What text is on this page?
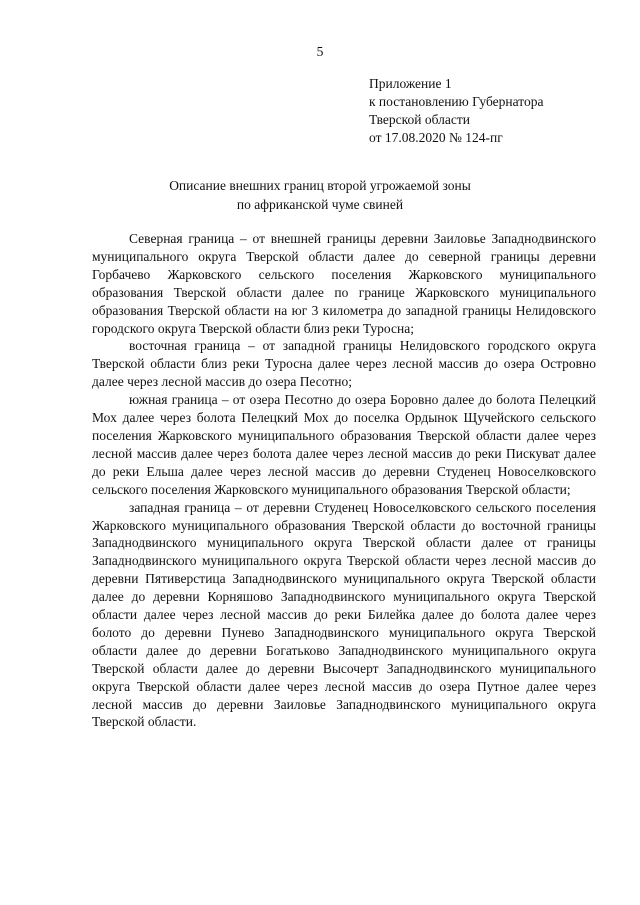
5
Приложение 1
к постановлению Губернатора
Тверской области
от 17.08.2020 № 124-пг
Описание внешних границ второй угрожаемой зоны
по африканской чуме свиней

Северная граница – от внешней границы деревни Заиловье Западнодвинского муниципального округа Тверской области далее до северной границы деревни Горбачево Жарковского сельского поселения Жарковского муниципального образования Тверской области далее по границе Жарковского муниципального образования Тверской области на юг 3 километра до западной границы Нелидовского городского округа Тверской области близ реки Туросна;

восточная граница – от западной границы Нелидовского городского округа Тверской области близ реки Туросна далее через лесной массив до озера Островно далее через лесной массив до озера Песотно;

южная граница – от озера Песотно до озера Боровно далее до болота Пелецкий Мох далее через болота Пелецкий Мох до поселка Ордынок Щучейского сельского поселения Жарковского муниципального образования Тверской области далее через лесной массив далее через болота далее через лесной массив до реки Пискуват далее до реки Ельша далее через лесной массив до деревни Студенец Новоселковского сельского поселения Жарковского муниципального образования Тверской области;

западная граница – от деревни Студенец Новоселковского сельского поселения Жарковского муниципального образования Тверской области до восточной границы Западнодвинского муниципального округа Тверской области далее от границы Западнодвинского муниципального округа Тверской области через лесной массив до деревни Пятиверстица Западнодвинского муниципального округа Тверской области далее до деревни Корняшово Западнодвинского муниципального округа Тверской области далее через лесной массив до реки Билейка далее до болота далее через болото до деревни Пунево Западнодвинского муниципального округа Тверской области далее до деревни Богатьково Западнодвинского муниципального округа Тверской области далее до деревни Высочерт Западнодвинского муниципального округа Тверской области далее через лесной массив до озера Путное далее через лесной массив до деревни Заиловье Западнодвинского муниципального округа Тверской области.
